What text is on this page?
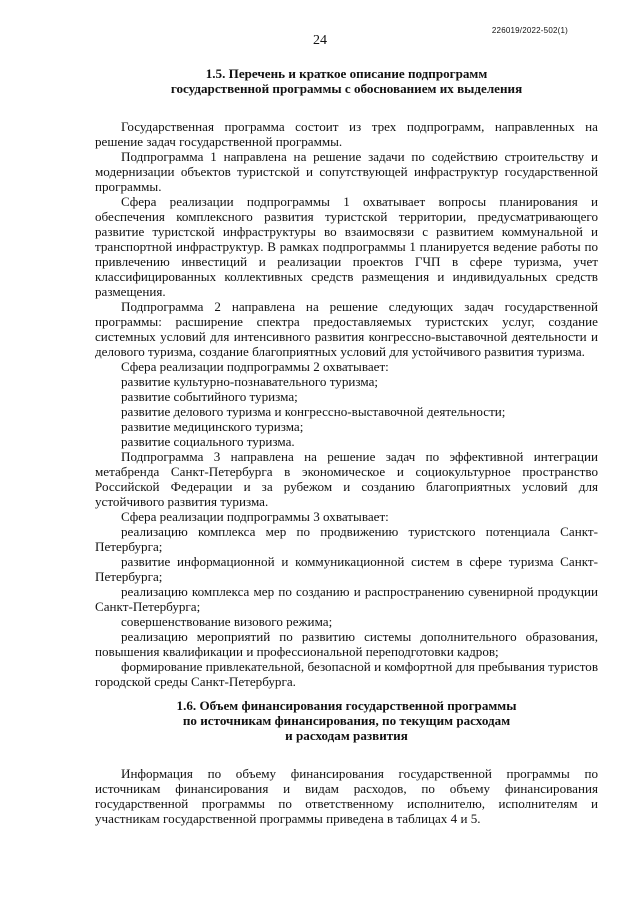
226019/2022-502(1)
24
1.5. Перечень и краткое описание подпрограмм
государственной программы с обоснованием их выделения

Государственная программа состоит из трех подпрограмм, направленных на решение задач государственной программы.

Подпрограмма 1 направлена на решение задачи по содействию строительству и модернизации объектов туристской и сопутствующей инфраструктур государственной программы.

Сфера реализации подпрограммы 1 охватывает вопросы планирования и обеспечения комплексного развития туристской территории, предусматривающего развитие туристской инфраструктуры во взаимосвязи с развитием коммунальной и транспортной инфраструктур. В рамках подпрограммы 1 планируется ведение работы по привлечению инвестиций и реализации проектов ГЧП в сфере туризма, учет классифицированных коллективных средств размещения и индивидуальных средств размещения.

Подпрограмма 2 направлена на решение следующих задач государственной программы: расширение спектра предоставляемых туристских услуг, создание системных условий для интенсивного развития конгрессно-выставочной деятельности и делового туризма, создание благоприятных условий для устойчивого развития туризма.

Сфера реализации подпрограммы 2 охватывает:

развитие культурно-познавательного туризма;

развитие событийного туризма;

развитие делового туризма и конгрессно-выставочной деятельности;

развитие медицинского туризма;

развитие социального туризма.

Подпрограмма 3 направлена на решение задач по эффективной интеграции метабренда Санкт-Петербурга в экономическое и социокультурное пространство Российской Федерации и за рубежом и созданию благоприятных условий для устойчивого развития туризма.

Сфера реализации подпрограммы 3 охватывает:

реализацию комплекса мер по продвижению туристского потенциала Санкт-Петербурга;

развитие информационной и коммуникационной систем в сфере туризма Санкт-Петербурга;

реализацию комплекса мер по созданию и распространению сувенирной продукции Санкт-Петербурга;

совершенствование визового режима;

реализацию мероприятий по развитию системы дополнительного образования, повышения квалификации и профессиональной переподготовки кадров;

формирование привлекательной, безопасной и комфортной для пребывания туристов городской среды Санкт-Петербурга.

1.6. Объем финансирования государственной программы
по источникам финансирования, по текущим расходам
и расходам развития

Информация по объему финансирования государственной программы по источникам финансирования и видам расходов, по объему финансирования государственной программы по ответственному исполнителю, исполнителям и участникам государственной программы приведена в таблицах 4 и 5.
